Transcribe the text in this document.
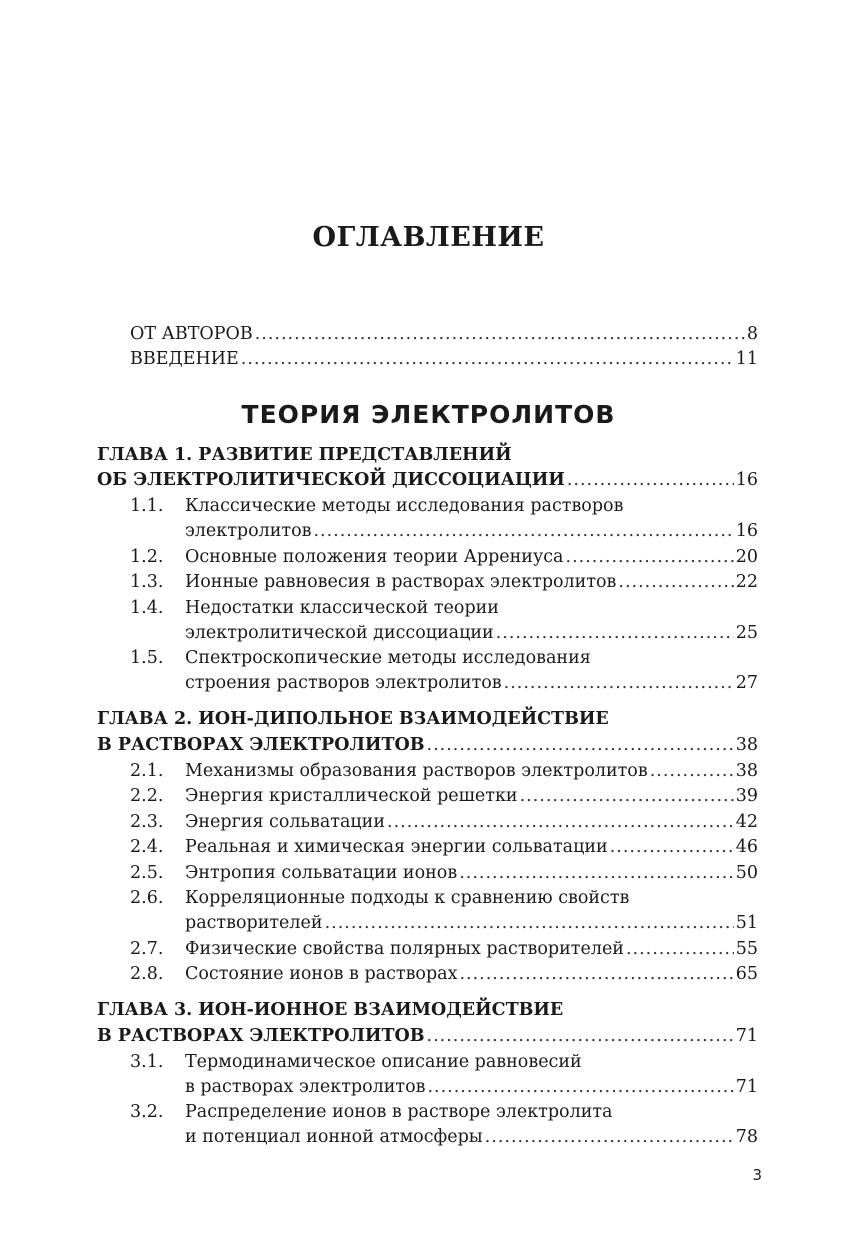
ОГЛАВЛЕНИЕ
ОТ АВТОРОВ .....	8
ВВЕДЕНИЕ .....	11
ТЕОРИЯ ЭЛЕКТРОЛИТОВ
ГЛАВА 1. РАЗВИТИЕ ПРЕДСТАВЛЕНИЙ
ОБ ЭЛЕКТРОЛИТИЧЕСКОЙ ДИССОЦИАЦИИ .....	16
1.1.	Классические методы исследования растворов
электролитов .....	16
1.2.	Основные положения теории Аррениуса .....	20
1.3.	Ионные равновесия в растворах электролитов .....	22
1.4.	Недостатки классической теории
электролитической диссоциации .....	25
1.5.	Спектроскопические методы исследования
строения растворов электролитов .....	27
ГЛАВА 2. ИОН-ДИПОЛЬНОЕ ВЗАИМОДЕЙСТВИЕ
В РАСТВОРАХ ЭЛЕКТРОЛИТОВ .....	38
2.1.	Механизмы образования растворов электролитов .....	38
2.2.	Энергия кристаллической решетки .....	39
2.3.	Энергия сольватации .....	42
2.4.	Реальная и химическая энергии сольватации .....	46
2.5.	Энтропия сольватации ионов .....	50
2.6.	Корреляционные подходы к сравнению свойств
растворителей .....	51
2.7.	Физические свойства полярных растворителей .....	55
2.8.	Состояние ионов в растворах .....	65
ГЛАВА 3. ИОН-ИОННОЕ ВЗАИМОДЕЙСТВИЕ
В РАСТВОРАХ ЭЛЕКТРОЛИТОВ .....	71
3.1.	Термодинамическое описание равновесий
в растворах электролитов .....	71
3.2.	Распределение ионов в растворе электролита
и потенциал ионной атмосферы .....	78
3
